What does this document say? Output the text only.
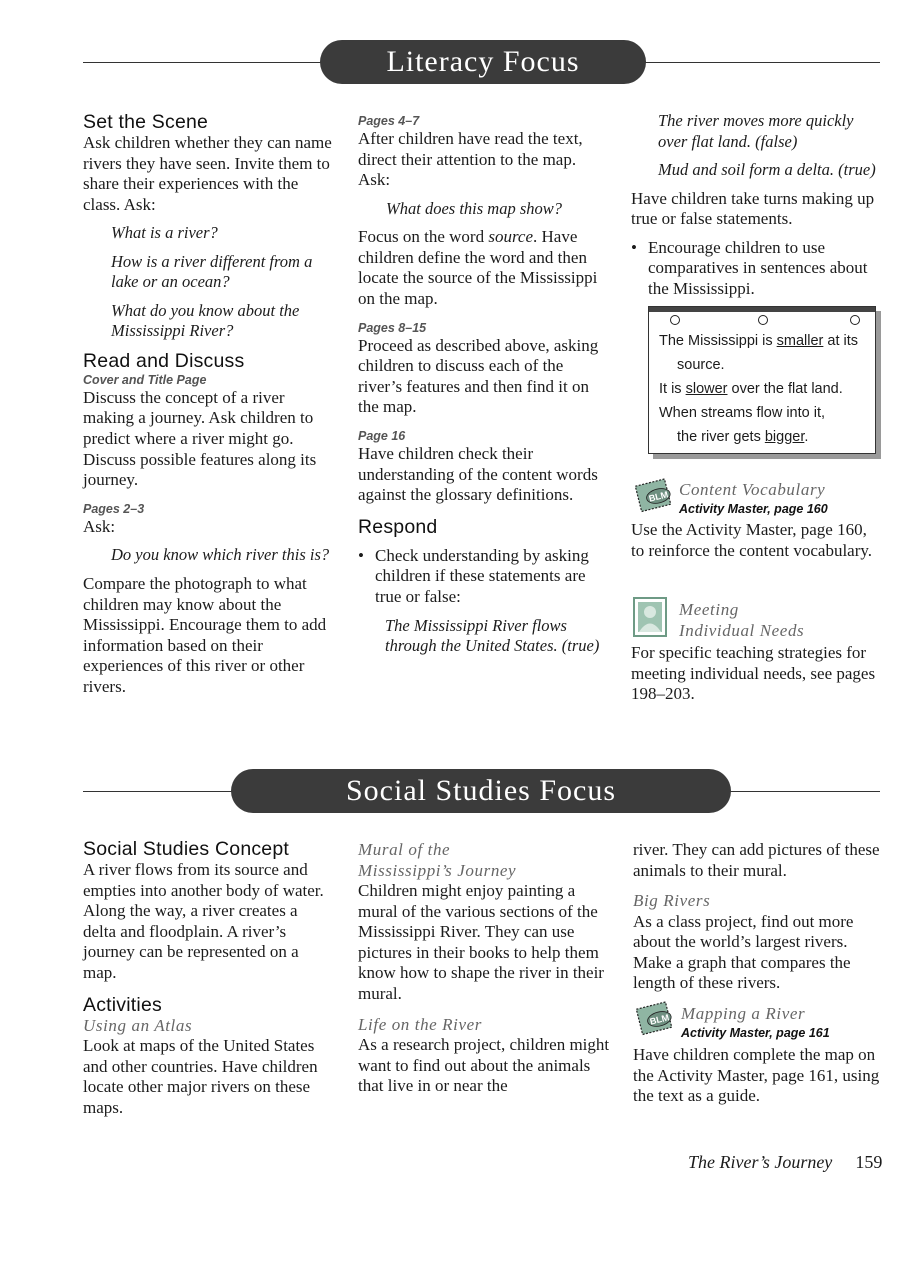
Literacy Focus

Set the Scene

Ask children whether they can name rivers they have seen. Invite them to share their experiences with the class. Ask:

What is a river?

How is a river different from a lake or an ocean?

What do you know about the Mississippi River?

Read and Discuss

Cover and Title Page

Discuss the concept of a river making a journey. Ask children to predict where a river might go. Discuss possible features along its journey.

Pages 2–3

Ask:

Do you know which river this is?

Compare the photograph to what children may know about the Mississippi. Encourage them to add information based on their experiences of this river or other rivers.

Pages 4–7

After children have read the text, direct their attention to the map. Ask:

What does this map show?

Focus on the word source. Have children define the word and then locate the source of the Mississippi on the map.

Pages 8–15

Proceed as described above, asking children to discuss each of the river’s features and then find it on the map.

Page 16

Have children check their understanding of the content words against the glossary definitions.

Respond

• Check understanding by asking children if these statements are true or false:

The Mississippi River flows through the United States. (true)

The river moves more quickly over flat land. (false)

Mud and soil form a delta. (true)

Have children take turns making up true or false statements.

• Encourage children to use comparatives in sentences about the Mississippi.

The Mississippi is smaller at its
source.
It is slower over the flat land.
When streams flow into it,
the river gets bigger.
BLM Content Vocabulary

Activity Master, page 160

Use the Activity Master, page 160, to reinforce the content vocabulary.

Meeting

Individual Needs

For specific teaching strategies for meeting individual needs, see pages 198–203.

Social Studies Focus

Social Studies Concept

A river flows from its source and empties into another body of water. Along the way, a river creates a delta and floodplain. A river’s journey can be represented on a map.

Activities

Using an Atlas

Look at maps of the United States and other countries. Have children locate other major rivers on these maps.

Mural of the

Mississippi’s Journey

Children might enjoy painting a mural of the various sections of the Mississippi River. They can use pictures in their books to help them know how to shape the river in their mural.

Life on the River

As a research project, children might want to find out about the animals that live in or near the

river. They can add pictures of these animals to their mural.

Big Rivers

As a class project, find out more about the world’s largest rivers. Make a graph that compares the length of these rivers.

BLM Mapping a River

Activity Master, page 161

Have children complete the map on the Activity Master, page 161, using the text as a guide.

The River’s Journey 159
